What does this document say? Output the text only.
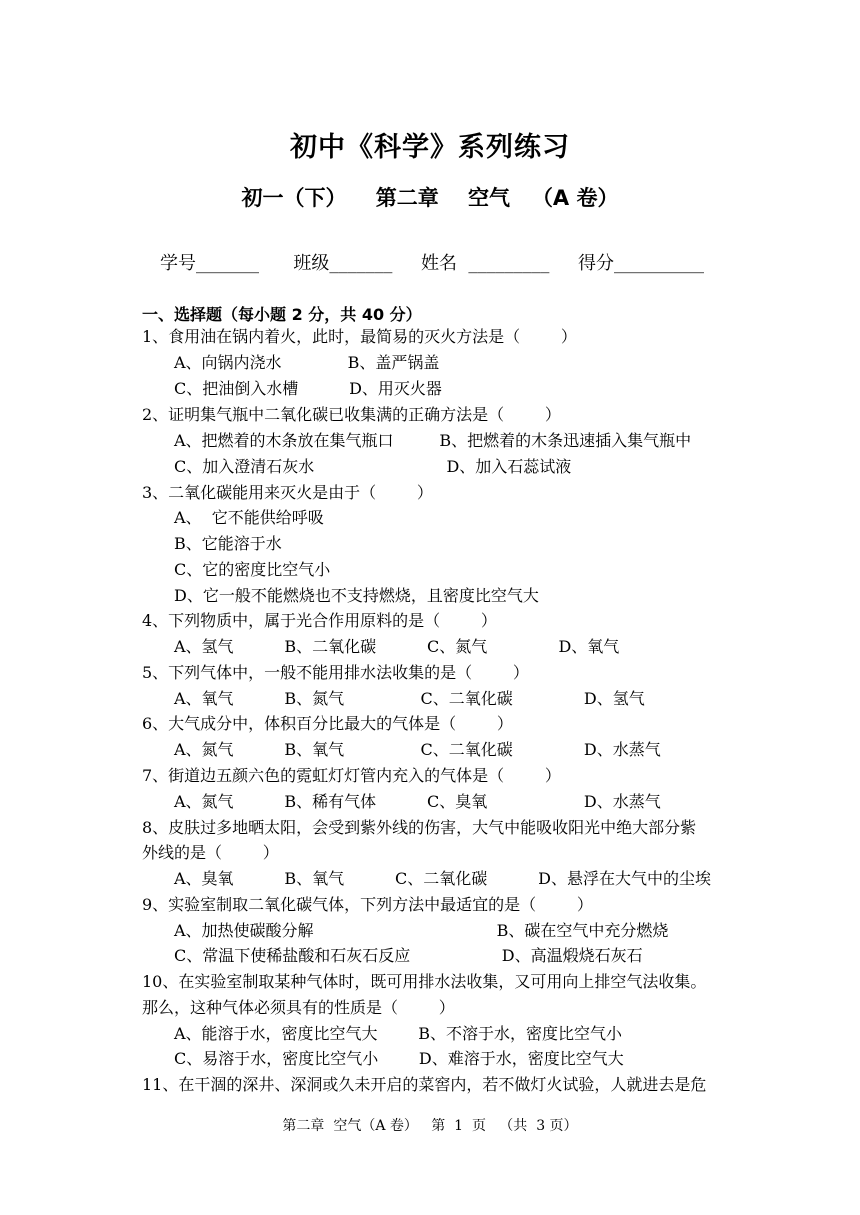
初中《科学》系列练习
初一（下）    第二章    空气   （A 卷）
学号_______      班级_______     姓名  _________     得分__________
一、选择题（每小题 2 分，共 40 分）
1、食用油在锅内着火，此时，最简易的灭火方法是（        ）
A、向锅内浇水             B、盖严锅盖
C、把油倒入水槽          D、用灭火器
2、证明集气瓶中二氧化碳已收集满的正确方法是（        ）
A、把燃着的木条放在集气瓶口         B、把燃着的木条迅速插入集气瓶中
C、加入澄清石灰水                          D、加入石蕊试液
3、二氧化碳能用来灭火是由于（        ）
A、  它不能供给呼吸
B、它能溶于水
C、它的密度比空气小
D、它一般不能燃烧也不支持燃烧，且密度比空气大
4、下列物质中，属于光合作用原料的是（        ）
A、氢气          B、二氧化碳          C、氮气              D、氧气
5、下列气体中，一般不能用排水法收集的是（        ）
A、氧气          B、氮气               C、二氧化碳              D、氢气
6、大气成分中，体积百分比最大的气体是（        ）
A、氮气          B、氧气               C、二氧化碳              D、水蒸气
7、街道边五颜六色的霓虹灯灯管内充入的气体是（        ）
A、氮气          B、稀有气体          C、臭氧                   D、水蒸气
8、皮肤过多地晒太阳，会受到紫外线的伤害，大气中能吸收阳光中绝大部分紫
外线的是（        ）
A、臭氧          B、氧气          C、二氧化碳          D、悬浮在大气中的尘埃
9、实验室制取二氧化碳气体，下列方法中最适宜的是（        ）
A、加热使碳酸分解                                    B、碳在空气中充分燃烧
C、常温下使稀盐酸和石灰石反应                  D、高温煅烧石灰石
10、在实验室制取某种气体时，既可用排水法收集，又可用向上排空气法收集。
那么，这种气体必须具有的性质是（        ）
A、能溶于水，密度比空气大        B、不溶于水，密度比空气小
C、易溶于水，密度比空气小        D、难溶于水，密度比空气大
11、在干涸的深井、深洞或久未开启的菜窖内，若不做灯火试验，人就进去是危
第二章  空气（A 卷）   第  1  页   （共  3 页）
